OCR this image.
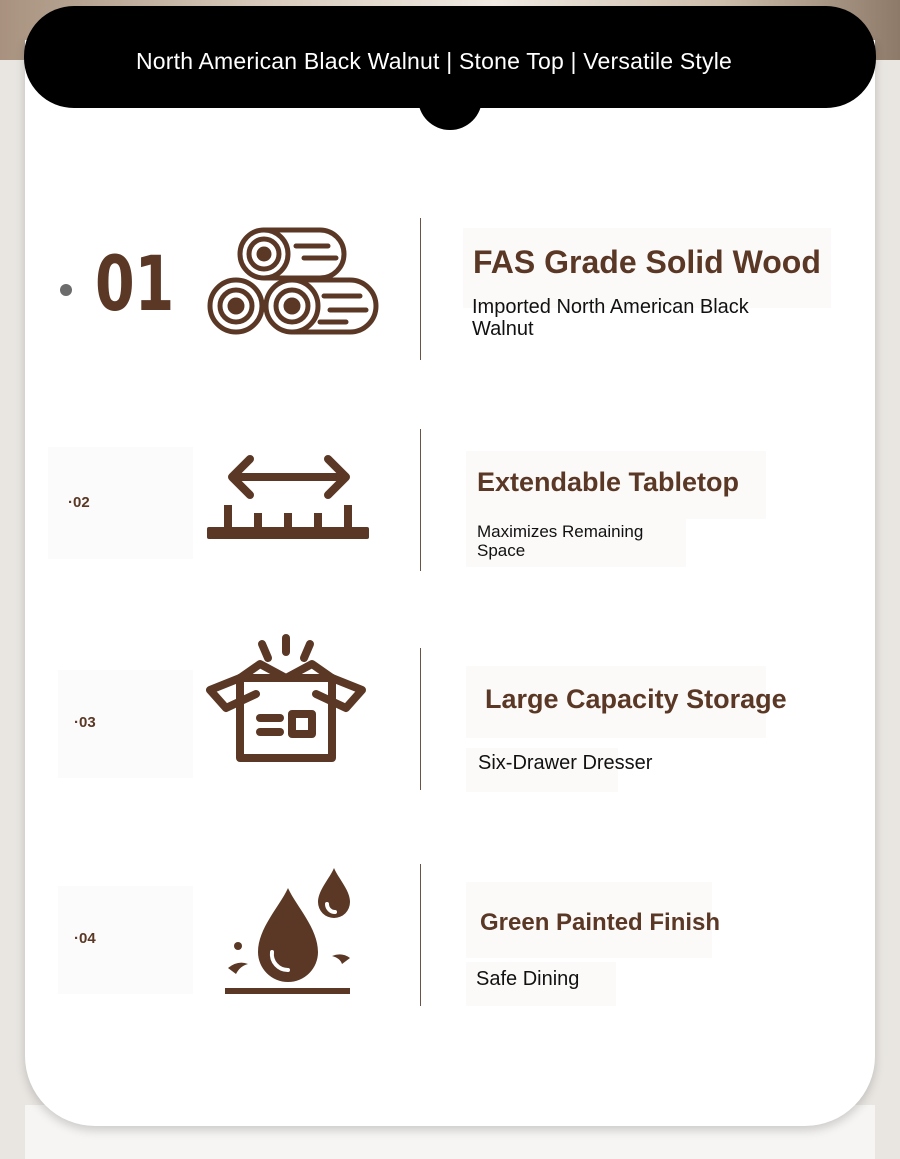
North American Black Walnut | Stone Top | Versatile Style
01	FAS Grade Solid Wood
Imported North American Black
Walnut
·02
Extendable Tabletop
Maximizes Remaining
Space
·03
Large Capacity Storage
Six-Drawer Dresser
·04
Green Painted Finish
Safe Dining
